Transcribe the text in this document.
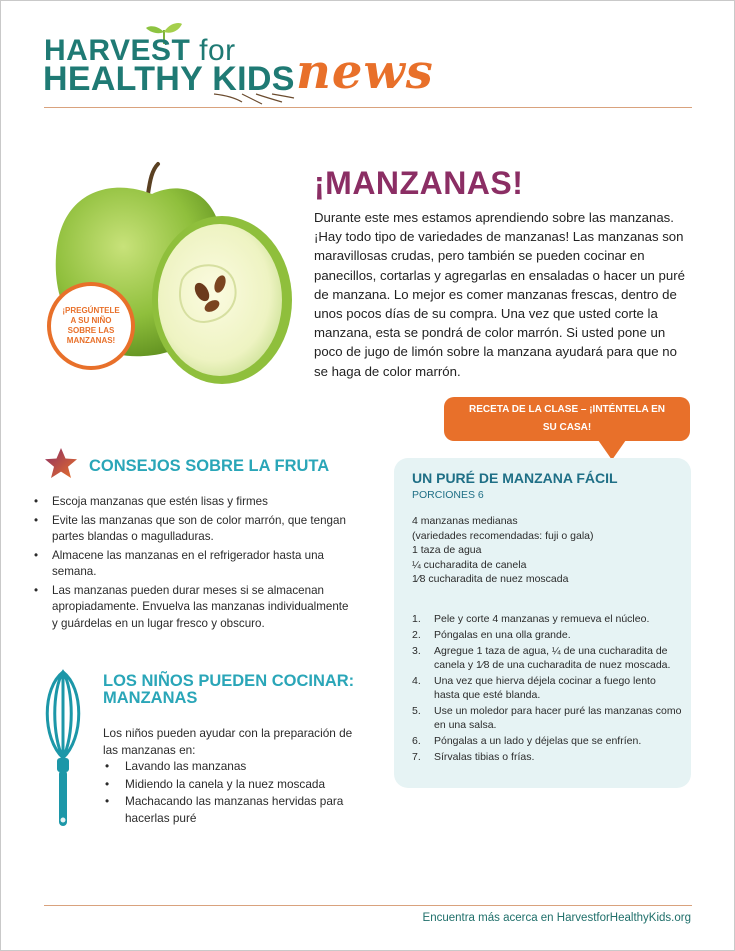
HARVEST for
HEALTHY KIDS news
¡PREGÚNTELE
A SU NIÑO
SOBRE LAS
MANZANAS!
¡MANZANAS!
Durante este mes estamos aprendiendo sobre las manzanas. ¡Hay todo tipo de variedades de manzanas! Las manzanas son maravillosas crudas, pero también se pueden cocinar en panecillos, cortarlas y agregarlas en ensaladas o hacer un puré de manzana. Lo mejor es comer manzanas frescas, dentro de unos pocos días de su compra. Una vez que usted corte la manzana, esta se pondrá de color marrón. Si usted pone un poco de jugo de limón sobre la manzana ayudará para que no se haga de color marrón.
RECETA DE LA CLASE – ¡INTÉNTELA EN
SU CASA!
UN PURÉ DE MANZANA FÁCIL
PORCIONES 6
4 manzanas medianas
(variedades recomendadas: fuji o gala)
1 taza de agua
¼ cucharadita de canela
1⁄8 cucharadita de nuez moscada
1.	Pele y corte 4 manzanas y remueva el núcleo.
2.	Póngalas en una olla grande.
3.	Agregue 1 taza de agua, ¼ de una cucharadita de canela y 1⁄8 de una cucharadita de nuez moscada.
4.	Una vez que hierva déjela cocinar a fuego lento hasta que esté blanda.
5.	Use un moledor para hacer puré las manzanas como en una salsa.
6.	Póngalas a un lado y déjelas que se enfríen.
7.	Sírvalas tibias o frías.
CONSEJOS SOBRE LA FRUTA
•	Escoja manzanas que estén lisas y firmes
•	Evite las manzanas que son de color marrón, que tengan partes blandas o magulladuras.
•	Almacene las manzanas en el refrigerador hasta una semana.
•	Las manzanas pueden durar meses si se almacenan apropiadamente. Envuelva las manzanas individualmente y guárdelas en un lugar fresco y obscuro.
LOS NIÑOS PUEDEN COCINAR:
MANZANAS
Los niños pueden ayudar con la preparación de las manzanas en:
•	Lavando las manzanas
•	Midiendo la canela y la nuez moscada
•	Machacando las manzanas hervidas para hacerlas puré
Encuentra más acerca en HarvestforHealthyKids.org
